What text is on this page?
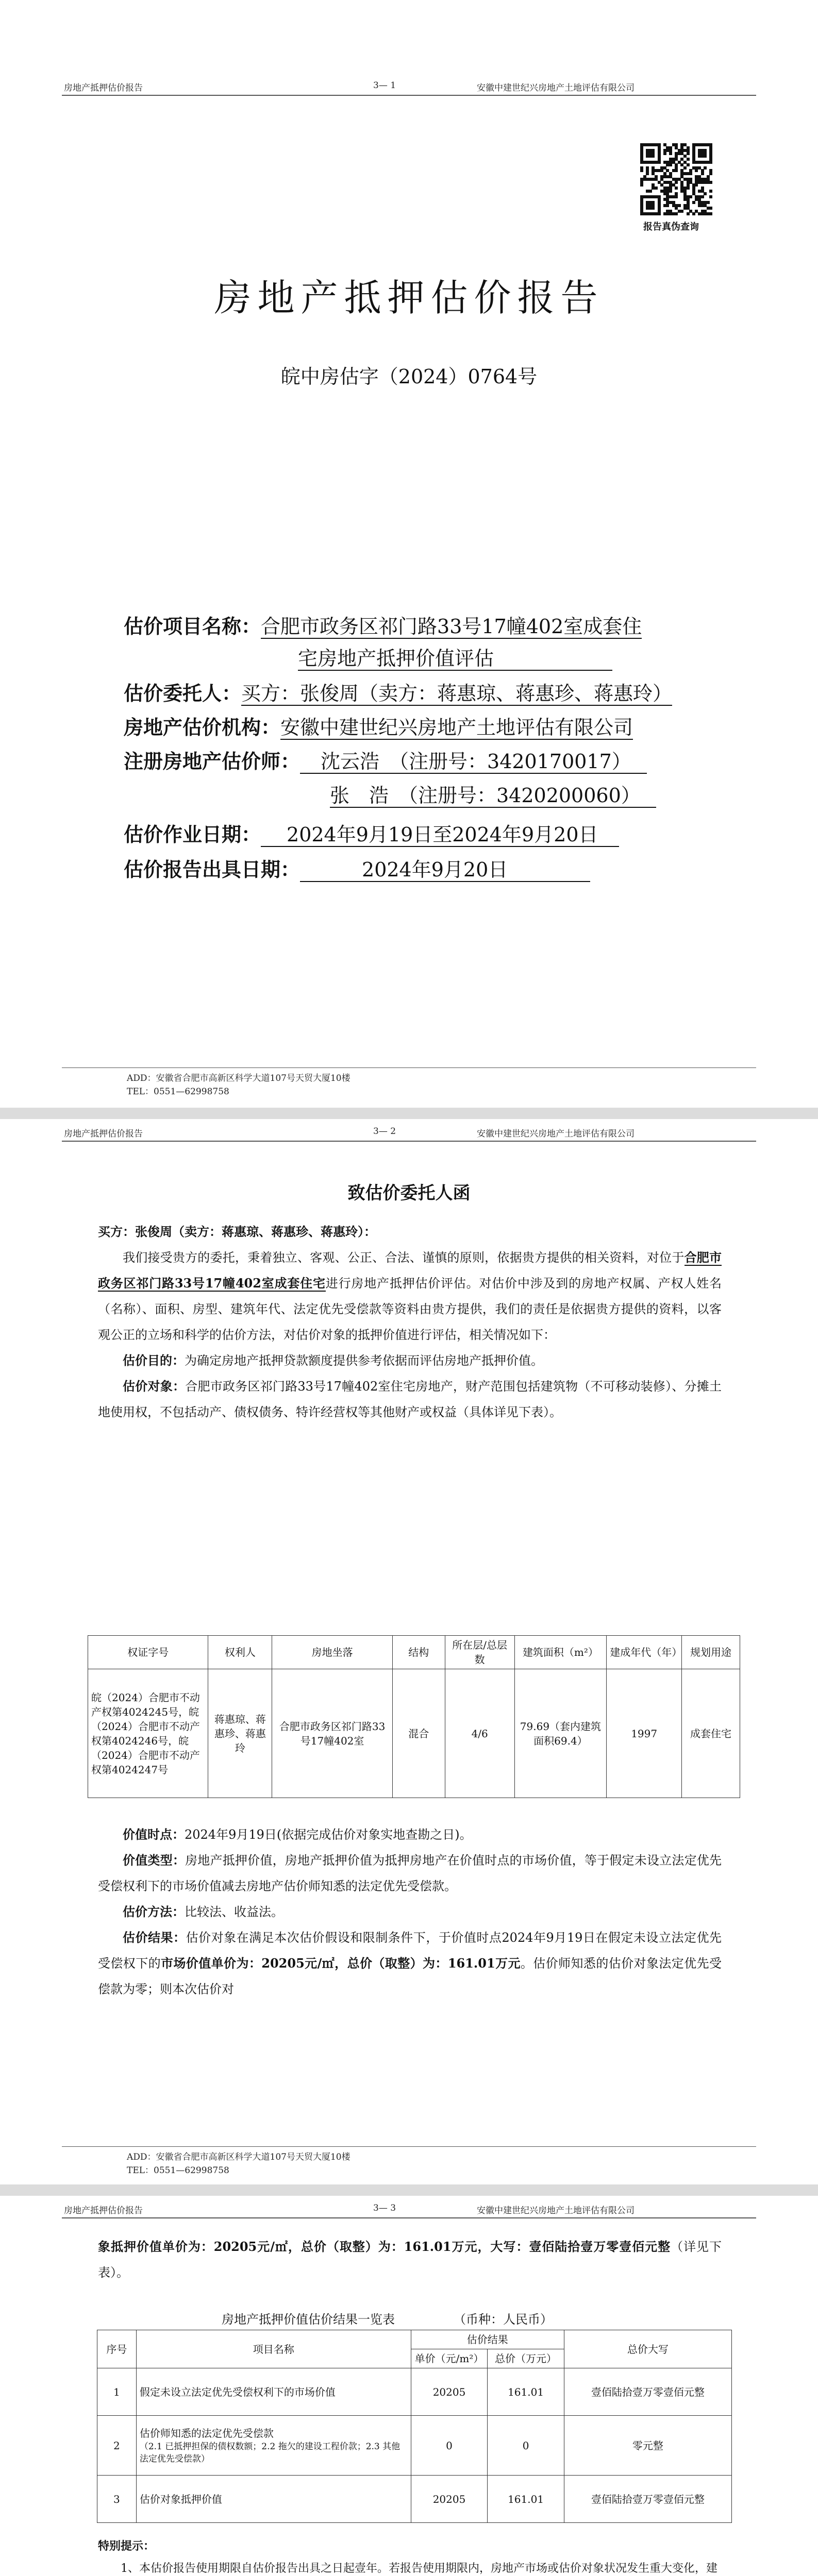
房地产抵押估价报告	3— 1	安徽中建世纪兴房地产土地评估有限公司
报告真伪查询
房地产抵押估价报告
皖中房估字（2024）0764号
估价项目名称：合肥市政务区祁门路33号17幢402室成套住
宅房地产抵押价值评估
估价委托人：买方：张俊周（卖方：蒋惠琼、蒋惠珍、蒋惠玲）
房地产估价机构：安徽中建世纪兴房地产土地评估有限公司
注册房地产估价师： 沈云浩　（注册号：3420170017）
张　浩　（注册号：3420200060）
估价作业日期： 2024年9月19日至2024年9月20日
估价报告出具日期：	2024年9月20日
ADD：安徽省合肥市高新区科学大道107号天贸大厦10楼
TEL：0551—62998758
房地产抵押估价报告	3— 2	安徽中建世纪兴房地产土地评估有限公司
致估价委托人函
买方：张俊周（卖方：蒋惠琼、蒋惠珍、蒋惠玲）：
我们接受贵方的委托，秉着独立、客观、公正、合法、谨慎的原则，依据贵方提供的相关资料，对位于合肥市政务区祁门路33号17幢402室成套住宅进行房地产抵押估价评估。对估价中涉及到的房地产权属、产权人姓名（名称）、面积、房型、建筑年代、法定优先受偿款等资料由贵方提供，我们的责任是依据贵方提供的资料，以客观公正的立场和科学的估价方法，对估价对象的抵押价值进行评估，相关情况如下：
估价目的：为确定房地产抵押贷款额度提供参考依据而评估房地产抵押价值。
估价对象：合肥市政务区祁门路33号17幢402室住宅房地产，财产范围包括建筑物（不可移动装修）、分摊土地使用权，不包括动产、债权债务、特许经营权等其他财产或权益（具体详见下表）。
权证字号	权利人	房地坐落	结构	所在层/总层数	建筑面积（m²）	建成年代（年）	规划用途
皖（2024）合肥市不动产权第4024245号，皖（2024）合肥市不动产权第4024246号，皖（2024）合肥市不动产权第4024247号	蒋惠琼、蒋惠珍、蒋惠玲	合肥市政务区祁门路33号17幢402室	混合	4/6	79.69（套内建筑面积69.4）	1997	成套住宅
价值时点：2024年9月19日(依据完成估价对象实地查勘之日)。
价值类型：房地产抵押价值，房地产抵押价值为抵押房地产在价值时点的市场价值，等于假定未设立法定优先受偿权利下的市场价值减去房地产估价师知悉的法定优先受偿款。
估价方法：比较法、收益法。
估价结果：估价对象在满足本次估价假设和限制条件下，于价值时点2024年9月19日在假定未设立法定优先受偿权下的市场价值单价为：20205元/㎡，总价（取整）为：161.01万元。估价师知悉的估价对象法定优先受偿款为零；则本次估价对
ADD：安徽省合肥市高新区科学大道107号天贸大厦10楼
TEL：0551—62998758
房地产抵押估价报告	3— 3	安徽中建世纪兴房地产土地评估有限公司
象抵押价值单价为：20205元/㎡，总价（取整）为：161.01万元，大写：壹佰陆拾壹万零壹佰元整（详见下表）。
房地产抵押价值估价结果一览表	（币种：人民币）
序号	项目名称	估价结果		总价大写
		单价（元/m²）	总价（万元）	
1	假定未设立法定优先受偿权利下的市场价值	20205	161.01	壹佰陆拾壹万零壹佰元整
2	估价师知悉的法定优先受偿款
（2.1 已抵押担保的债权数额；2.2 拖欠的建设工程价款；2.3 其他法定优先受偿款）	0	0	零元整
3	估价对象抵押价值	20205	161.01	壹佰陆拾壹万零壹佰元整
特别提示：
1、本估价报告使用期限自估价报告出具之日起壹年。若报告使用期限内，房地产市场或估价对象状况发生重大变化，建
